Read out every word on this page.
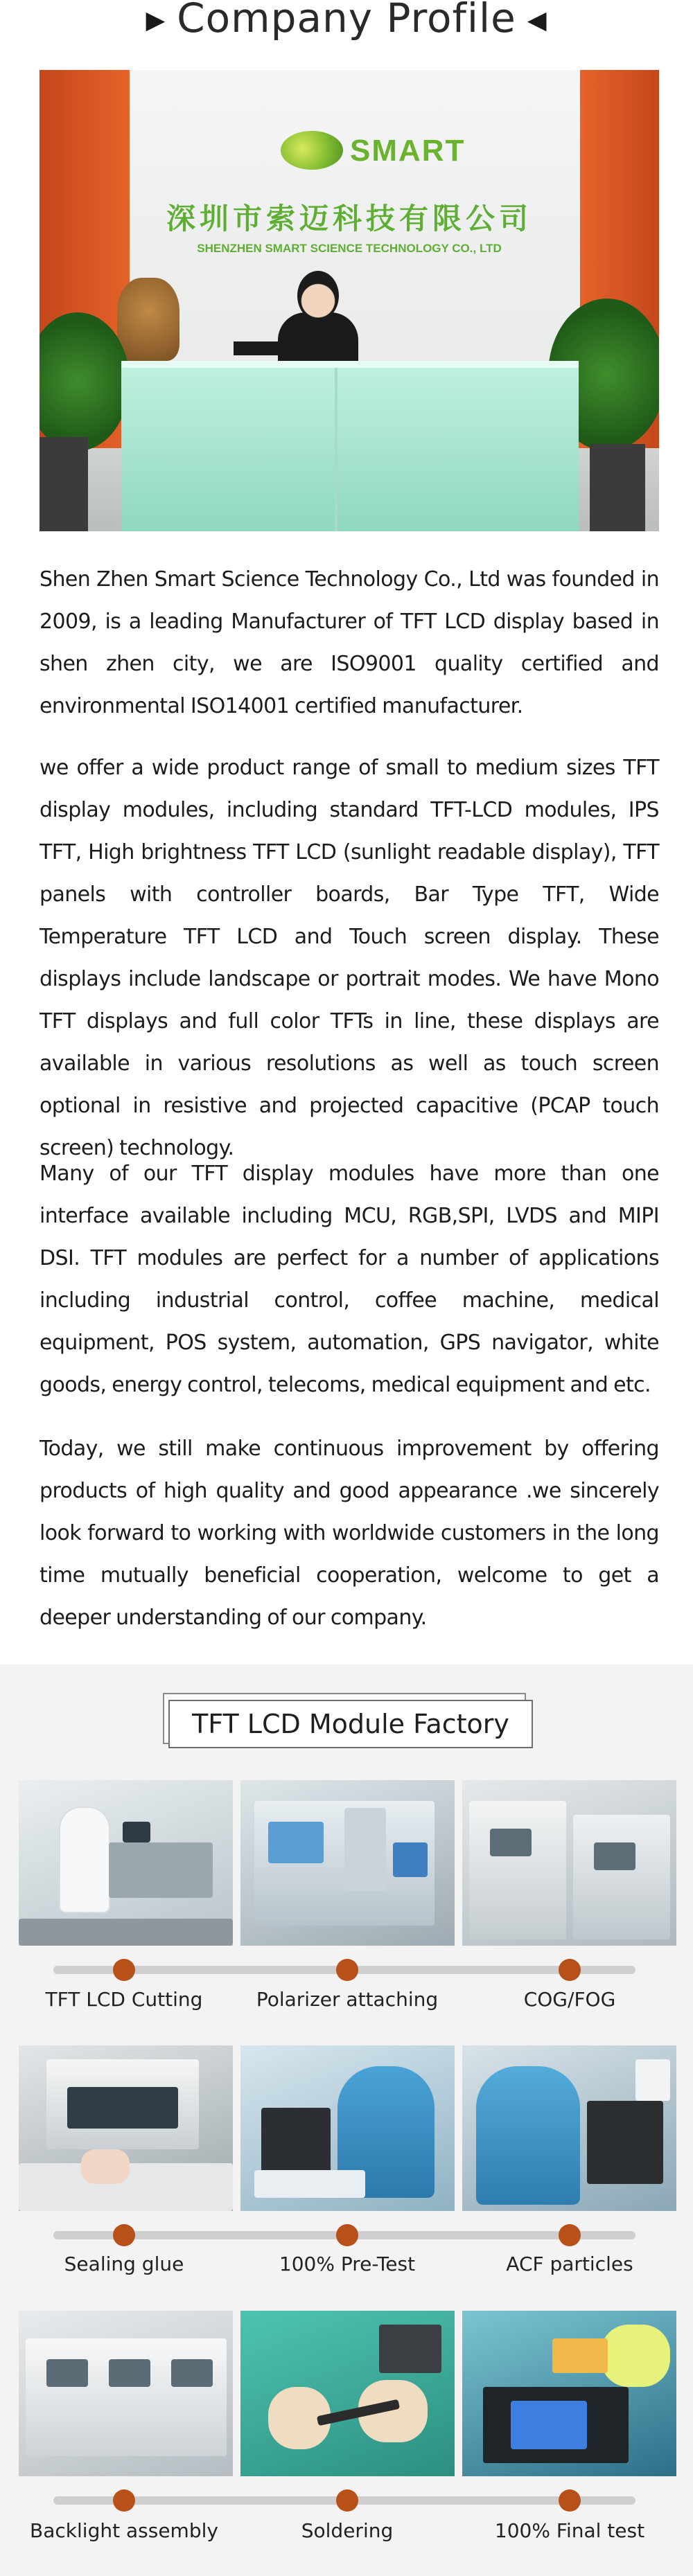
▶ Company Profile ◀
SMART
深圳市索迈科技有限公司
SHENZHEN SMART SCIENCE TECHNOLOGY CO., LTD

Shen Zhen Smart Science Technology Co., Ltd was founded in 2009, is a leading Manufacturer of TFT LCD display based in shen zhen city, we are ISO9001 quality certified and environmental ISO14001 certified manufacturer.

we offer a wide product range of small to medium sizes TFT display modules, including standard TFT-LCD modules, IPS TFT, High brightness TFT LCD (sunlight readable display), TFT panels with controller boards, Bar Type TFT, Wide Temperature TFT LCD and Touch screen display. These displays include landscape or portrait modes. We have Mono TFT displays and full color TFTs in line, these displays are available in various resolutions as well as touch screen optional in resistive and projected capacitive (PCAP touch screen) technology.

Many of our TFT display modules have more than one interface available including MCU, RGB,SPI, LVDS and MIPI DSI. TFT modules are perfect for a number of applications including industrial control, coffee machine, medical equipment, POS system, automation, GPS navigator, white goods, energy control, telecoms, medical equipment and etc.

Today, we still make continuous improvement by offering products of high quality and good appearance .we sincerely look forward to working with worldwide customers in the long time mutually beneficial cooperation, welcome to get a deeper understanding of our company.

TFT LCD Module Factory
TFT LCD Cutting	Polarizer attaching	COG/FOG
Sealing glue	100% Pre-Test	ACF particles
Backlight assembly	Soldering	100% Final test
